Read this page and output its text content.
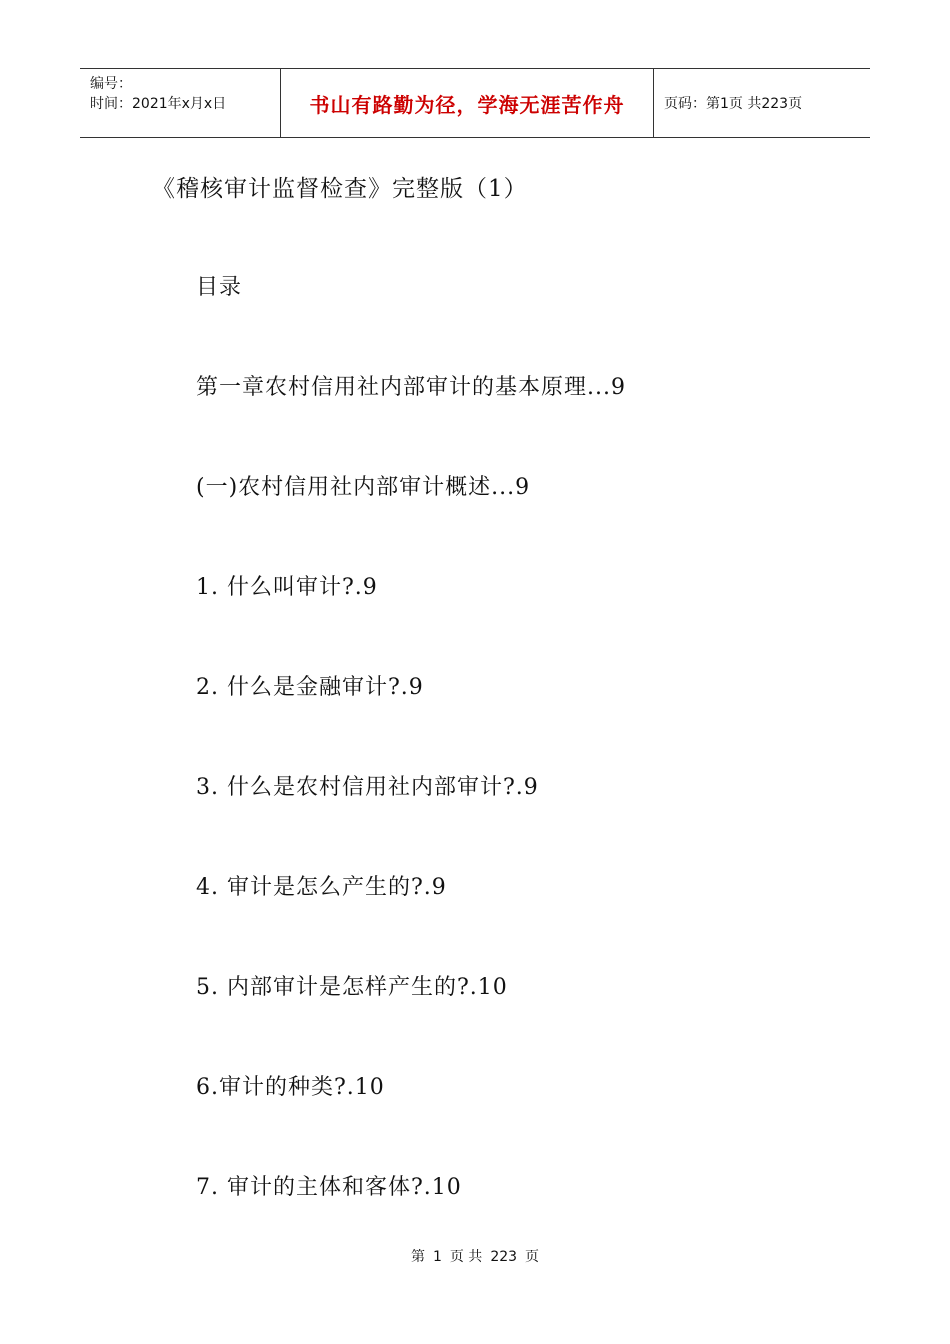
编号：
时间：2021年x月x日	书山有路勤为径，学海无涯苦作舟	页码：第1页 共223页
《稽核审计监督检查》完整版（1）
目录
第一章农村信用社内部审计的基本原理...9
(一)农村信用社内部审计概述...9
1. 什么叫审计?.9
2. 什么是金融审计?.9
3. 什么是农村信用社内部审计?.9
4. 审计是怎么产生的?.9
5. 内部审计是怎样产生的?.10
6.审计的种类?.10
7. 审计的主体和客体?.10
第 1 页 共 223 页
